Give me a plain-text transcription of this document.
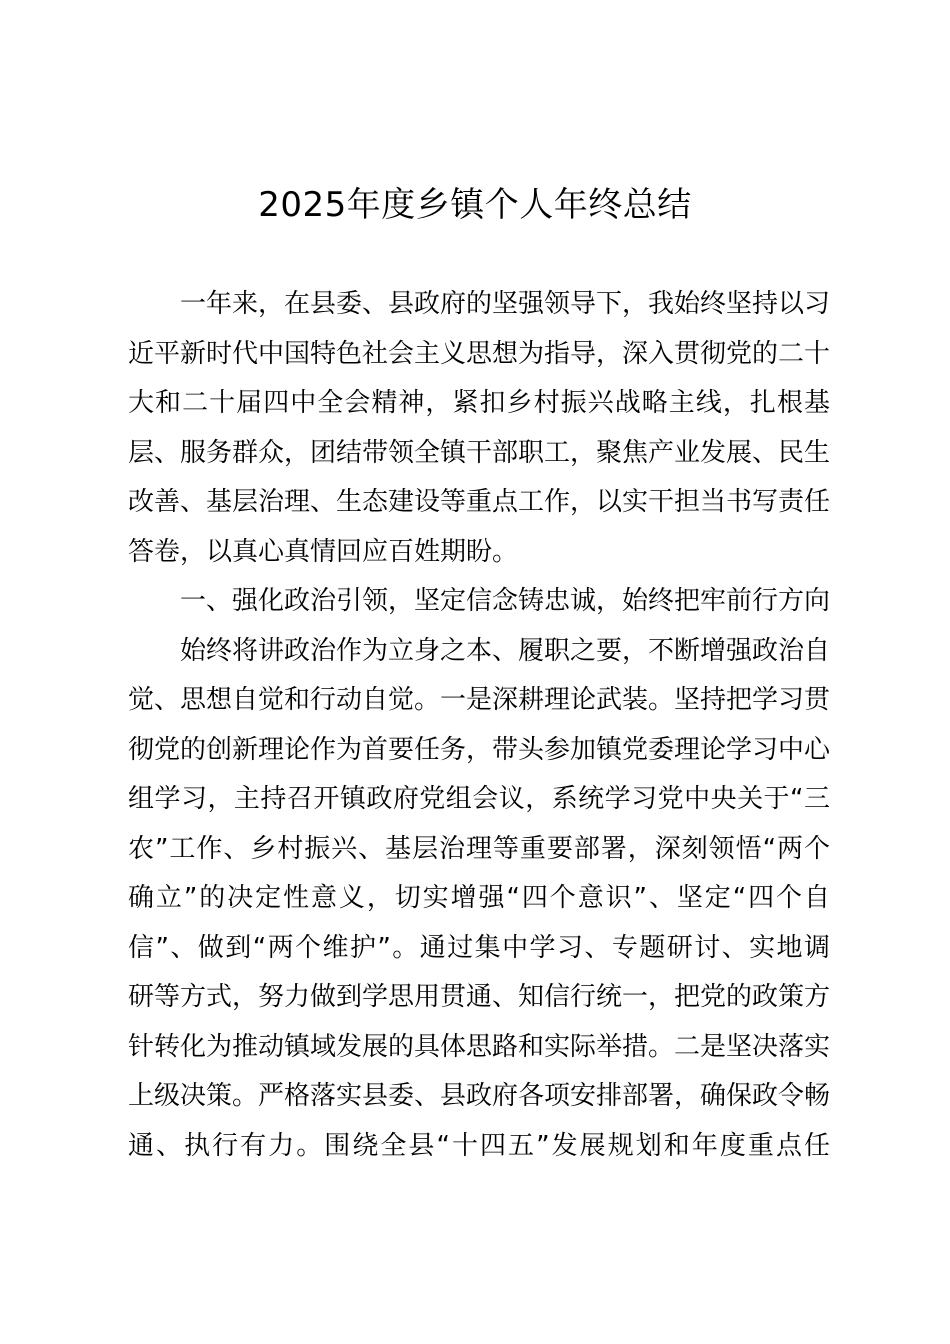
2025年度乡镇个人年终总结
一年来，在县委、县政府的坚强领导下，我始终坚持以习
近平新时代中国特色社会主义思想为指导，深入贯彻党的二十
大和二十届四中全会精神，紧扣乡村振兴战略主线，扎根基
层、服务群众，团结带领全镇干部职工，聚焦产业发展、民生
改善、基层治理、生态建设等重点工作，以实干担当书写责任
答卷，以真心真情回应百姓期盼。
一、强化政治引领，坚定信念铸忠诚，始终把牢前行方向
始终将讲政治作为立身之本、履职之要，不断增强政治自
觉、思想自觉和行动自觉。一是深耕理论武装。坚持把学习贯
彻党的创新理论作为首要任务，带头参加镇党委理论学习中心
组学习，主持召开镇政府党组会议，系统学习党中央关于“三
农”工作、乡村振兴、基层治理等重要部署，深刻领悟“两个
确立”的决定性意义，切实增强“四个意识”、坚定“四个自
信”、做到“两个维护”。通过集中学习、专题研讨、实地调
研等方式，努力做到学思用贯通、知信行统一，把党的政策方
针转化为推动镇域发展的具体思路和实际举措。二是坚决落实
上级决策。严格落实县委、县政府各项安排部署，确保政令畅
通、执行有力。围绕全县“十四五”发展规划和年度重点任
